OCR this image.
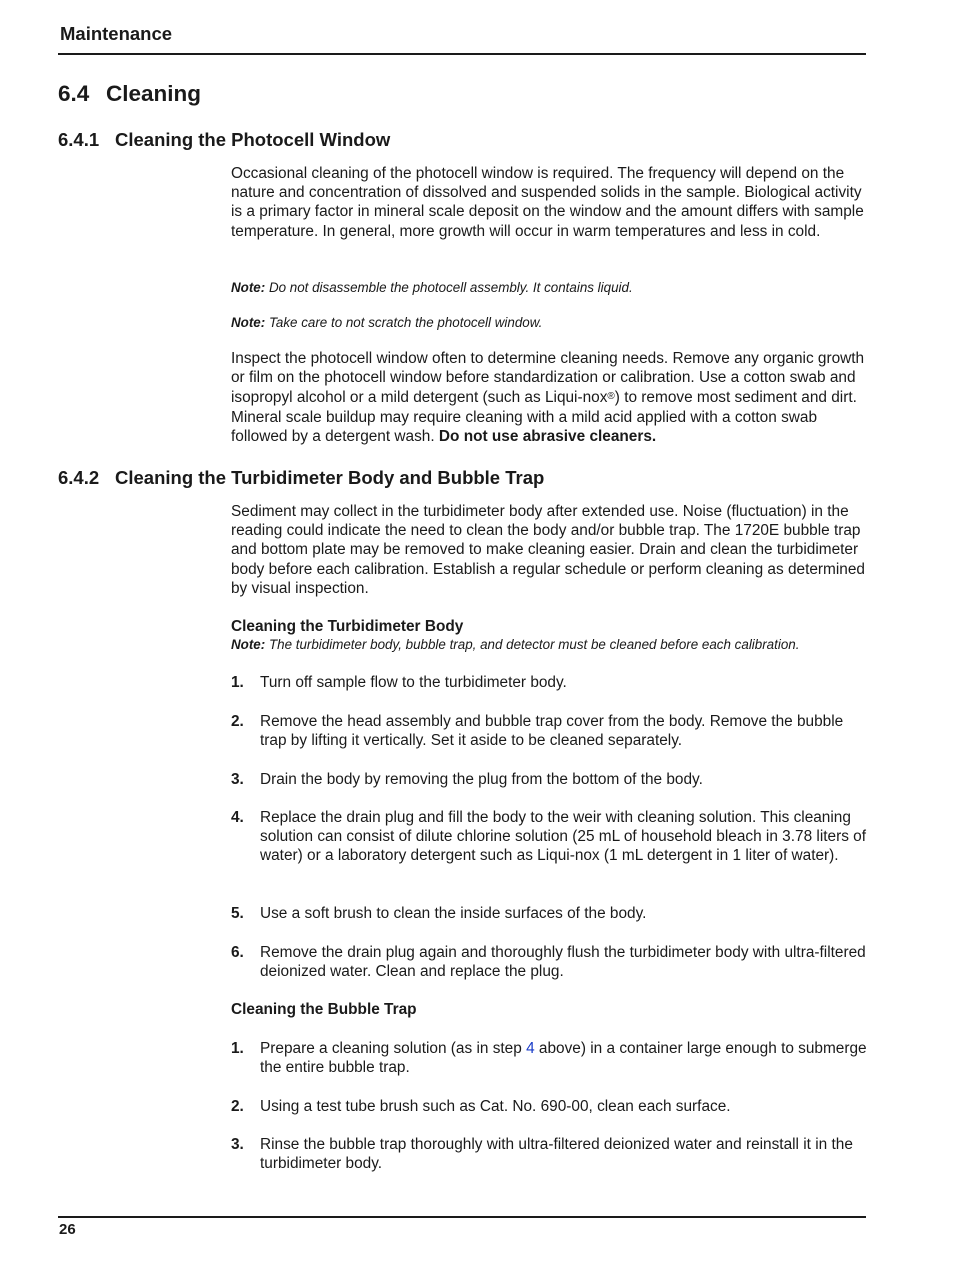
Maintenance
6.4 Cleaning
6.4.1 Cleaning the Photocell Window

Occasional cleaning of the photocell window is required. The frequency will depend on the nature and concentration of dissolved and suspended solids in the sample. Biological activity is a primary factor in mineral scale deposit on the window and the amount differs with sample temperature. In general, more growth will occur in warm temperatures and less in cold.

Note: Do not disassemble the photocell assembly. It contains liquid.

Note: Take care to not scratch the photocell window.

Inspect the photocell window often to determine cleaning needs. Remove any organic growth or film on the photocell window before standardization or calibration. Use a cotton swab and isopropyl alcohol or a mild detergent (such as Liqui-nox®) to remove most sediment and dirt. Mineral scale buildup may require cleaning with a mild acid applied with a cotton swab followed by a detergent wash. Do not use abrasive cleaners.

6.4.2 Cleaning the Turbidimeter Body and Bubble Trap

Sediment may collect in the turbidimeter body after extended use. Noise (fluctuation) in the reading could indicate the need to clean the body and/or bubble trap. The 1720E bubble trap and bottom plate may be removed to make cleaning easier. Drain and clean the turbidimeter body before each calibration. Establish a regular schedule or perform cleaning as determined by visual inspection.

Cleaning the Turbidimeter Body

Note: The turbidimeter body, bubble trap, and detector must be cleaned before each calibration.

1. Turn off sample flow to the turbidimeter body.
2. Remove the head assembly and bubble trap cover from the body. Remove the bubble trap by lifting it vertically. Set it aside to be cleaned separately.
3. Drain the body by removing the plug from the bottom of the body.
4. Replace the drain plug and fill the body to the weir with cleaning solution. This cleaning solution can consist of dilute chlorine solution (25 mL of household bleach in 3.78 liters of water) or a laboratory detergent such as Liqui-nox (1 mL detergent in 1 liter of water).
5. Use a soft brush to clean the inside surfaces of the body.
6. Remove the drain plug again and thoroughly flush the turbidimeter body with ultra-filtered deionized water. Clean and replace the plug.
Cleaning the Bubble Trap
1. Prepare a cleaning solution (as in step 4 above) in a container large enough to submerge the entire bubble trap.
2. Using a test tube brush such as Cat. No. 690-00, clean each surface.
3. Rinse the bubble trap thoroughly with ultra-filtered deionized water and reinstall it in the turbidimeter body.
26
